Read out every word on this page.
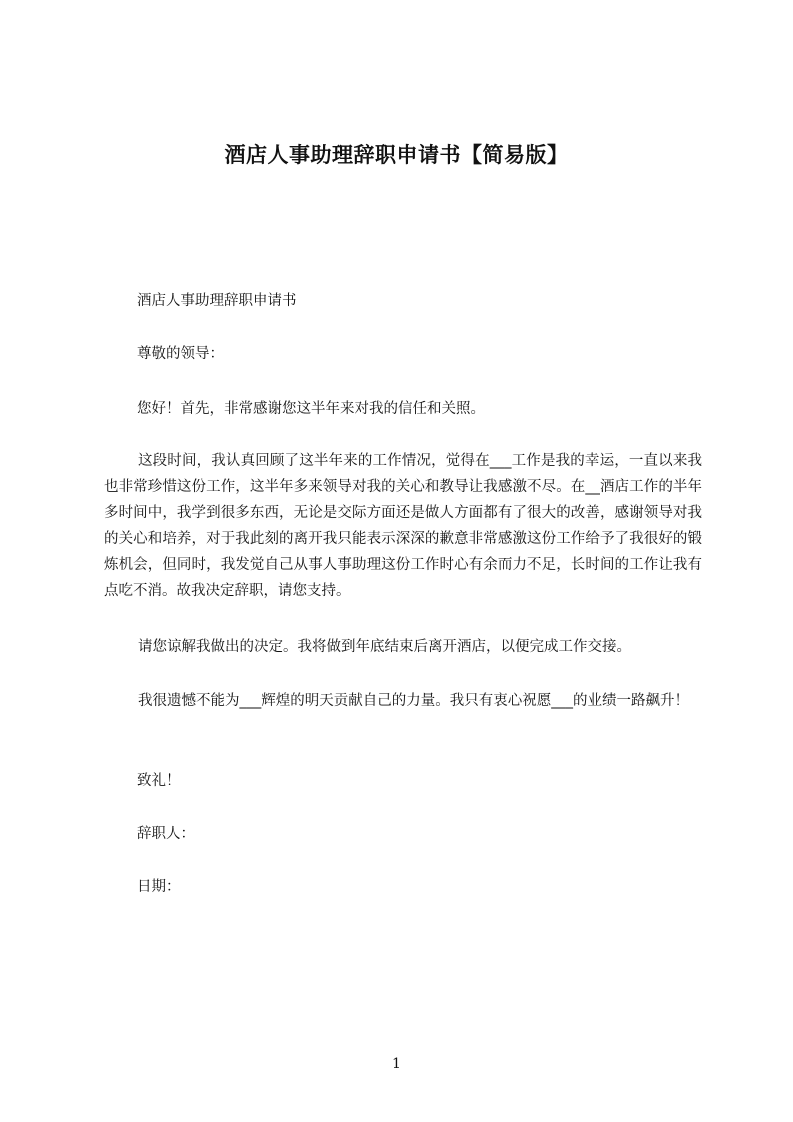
酒店人事助理辞职申请书【简易版】
酒店人事助理辞职申请书
尊敬的领导：
您好！首先，非常感谢您这半年来对我的信任和关照。
这段时间，我认真回顾了这半年来的工作情况，觉得在___工作是我的幸运，一直以来我也非常珍惜这份工作，这半年多来领导对我的关心和教导让我感激不尽。在__酒店工作的半年多时间中，我学到很多东西，无论是交际方面还是做人方面都有了很大的改善，感谢领导对我的关心和培养，对于我此刻的离开我只能表示深深的歉意非常感激这份工作给予了我很好的锻炼机会，但同时，我发觉自己从事人事助理这份工作时心有余而力不足，长时间的工作让我有点吃不消。故我决定辞职，请您支持。
请您谅解我做出的决定。我将做到年底结束后离开酒店，以便完成工作交接。
我很遗憾不能为___辉煌的明天贡献自己的力量。我只有衷心祝愿___的业绩一路飙升！
致礼！
辞职人：
日期：
1
